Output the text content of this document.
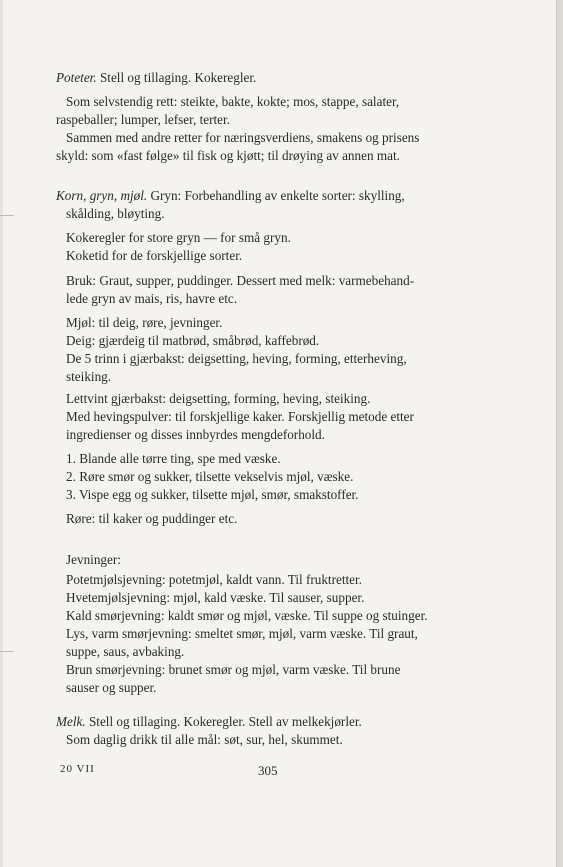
Poteter. Stell og tillaging. Kokeregler.
Som selvstendig rett: steikte, bakte, kokte; mos, stappe, salater,
raspeballer; lumper, lefser, terter.
Sammen med andre retter for næringsverdiens, smakens og prisens
skyld: som «fast følge» til fisk og kjøtt; til drøying av annen mat.
Korn, gryn, mjøl. Gryn: Forbehandling av enkelte sorter: skylling,
skålding, bløyting.
Kokeregler for store gryn — for små gryn.
Koketid for de forskjellige sorter.
Bruk: Graut, supper, puddinger. Dessert med melk: varmebehand-
lede gryn av mais, ris, havre etc.
Mjøl: til deig, røre, jevninger.
Deig: gjærdeig til matbrød, småbrød, kaffebrød.
De 5 trinn i gjærbakst: deigsetting, heving, forming, etterheving,
steiking.
Lettvint gjærbakst: deigsetting, forming, heving, steiking.
Med hevingspulver: til forskjellige kaker. Forskjellig metode etter
ingredienser og disses innbyrdes mengdeforhold.
1. Blande alle tørre ting, spe med væske.
2. Røre smør og sukker, tilsette vekselvis mjøl, væske.
3. Vispe egg og sukker, tilsette mjøl, smør, smakstoffer.
Røre: til kaker og puddinger etc.
Jevninger:
Potetmjølsjevning: potetmjøl, kaldt vann. Til fruktretter.
Hvetemjølsjevning: mjøl, kald væske. Til sauser, supper.
Kald smørjevning: kaldt smør og mjøl, væske. Til suppe og stuinger.
Lys, varm smørjevning: smeltet smør, mjøl, varm væske. Til graut,
suppe, saus, avbaking.
Brun smørjevning: brunet smør og mjøl, varm væske. Til brune
sauser og supper.
Melk. Stell og tillaging. Kokeregler. Stell av melkekjørler.
Som daglig drikk til alle mål: søt, sur, hel, skummet.
20 VII	305
